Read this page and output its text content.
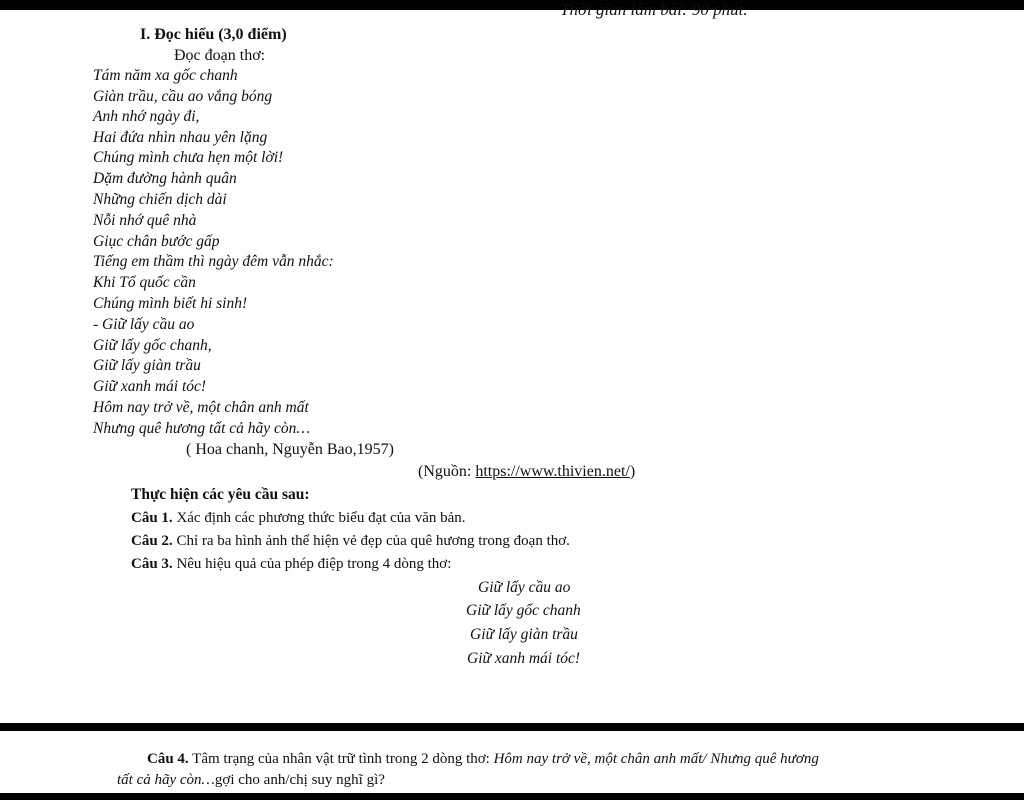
Thời gian làm bài: 90 phút.
I. Đọc hiểu (3,0 điểm)
Đọc đoạn thơ:
Tám năm xa gốc chanh
Giàn trầu, cầu ao vắng bóng
Anh nhớ ngày đi,
Hai đứa nhìn nhau yên lặng
Chúng mình chưa hẹn một lời!
Dặm đường hành quân
Những chiến dịch dài
Nỗi nhớ quê nhà
Giục chân bước gấp
Tiếng em thầm thì ngày đêm vẫn nhắc:
Khi Tổ quốc cần
Chúng mình biết hi sinh!
- Giữ lấy cầu ao
Giữ lấy gốc chanh,
Giữ lấy giàn trầu
Giữ xanh mái tóc!
Hôm nay trở về, một chân anh mất
Nhưng quê hương tất cả hãy còn…
( Hoa chanh, Nguyễn Bao,1957)
(Nguồn: https://www.thivien.net/)
Thực hiện các yêu cầu sau:
Câu 1. Xác định các phương thức biểu đạt của văn bản.
Câu 2. Chỉ ra ba hình ảnh thể hiện vẻ đẹp của quê hương trong đoạn thơ.
Câu 3. Nêu hiệu quả của phép điệp trong 4 dòng thơ:
Giữ lấy cầu ao
Giữ lấy gốc chanh
Giữ lấy giàn trầu
Giữ xanh mái tóc!
Câu 4. Tâm trạng của nhân vật trữ tình trong 2 dòng thơ: Hôm nay trở về, một chân anh mất/ Nhưng quê hương
tất cả hãy còn…gợi cho anh/chị suy nghĩ gì?
